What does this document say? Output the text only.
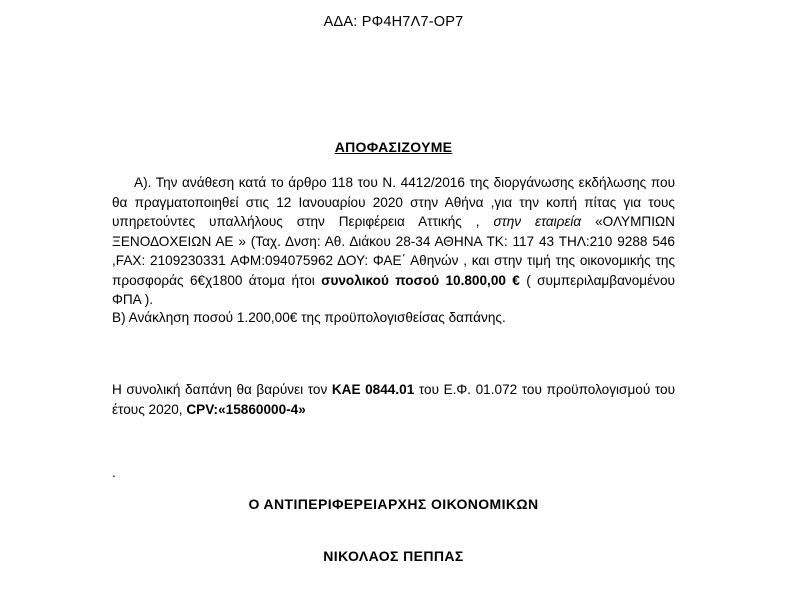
ΑΔΑ: ΡΦ4Η7Λ7-ΟΡ7
ΑΠΟΦΑΣΙΖΟΥΜΕ
Α). Την ανάθεση κατά το άρθρο 118 του Ν. 4412/2016 της διοργάνωσης εκδήλωσης που θα πραγματοποιηθεί στις 12 Ιανουαρίου 2020 στην Αθήνα ,για την κοπή πίτας για τους υπηρετούντες υπαλλήλους στην Περιφέρεια Αττικής , στην εταιρεία «ΟΛΥΜΠΙΩΝ ΞΕΝΟΔΟΧΕΙΩΝ ΑΕ » (Ταχ. Δνση: Αθ. Διάκου 28-34 ΑΘΗΝΑ ΤΚ: 117 43 ΤΗΛ:210 9288 546 ,FAX: 2109230331 ΑΦΜ:094075962 ΔΟΥ: ΦΑΕ΄ Αθηνών , και στην τιμή της οικονομικής της προσφοράς 6€χ1800 άτομα ήτοι συνολικού ποσού 10.800,00 € ( συμπεριλαμβανομένου ΦΠΑ ).
Β) Ανάκληση ποσού 1.200,00€ της προϋπολογισθείσας δαπάνης.
Η συνολική δαπάνη θα βαρύνει τον ΚΑΕ 0844.01 του Ε.Φ. 01.072 του προϋπολογισμού του έτους 2020, CPV:«15860000-4»
.
Ο ΑΝΤΙΠΕΡΙΦΕΡΕΙΑΡΧΗΣ ΟΙΚΟΝΟΜΙΚΩΝ
ΝΙΚΟΛΑΟΣ ΠΕΠΠΑΣ
